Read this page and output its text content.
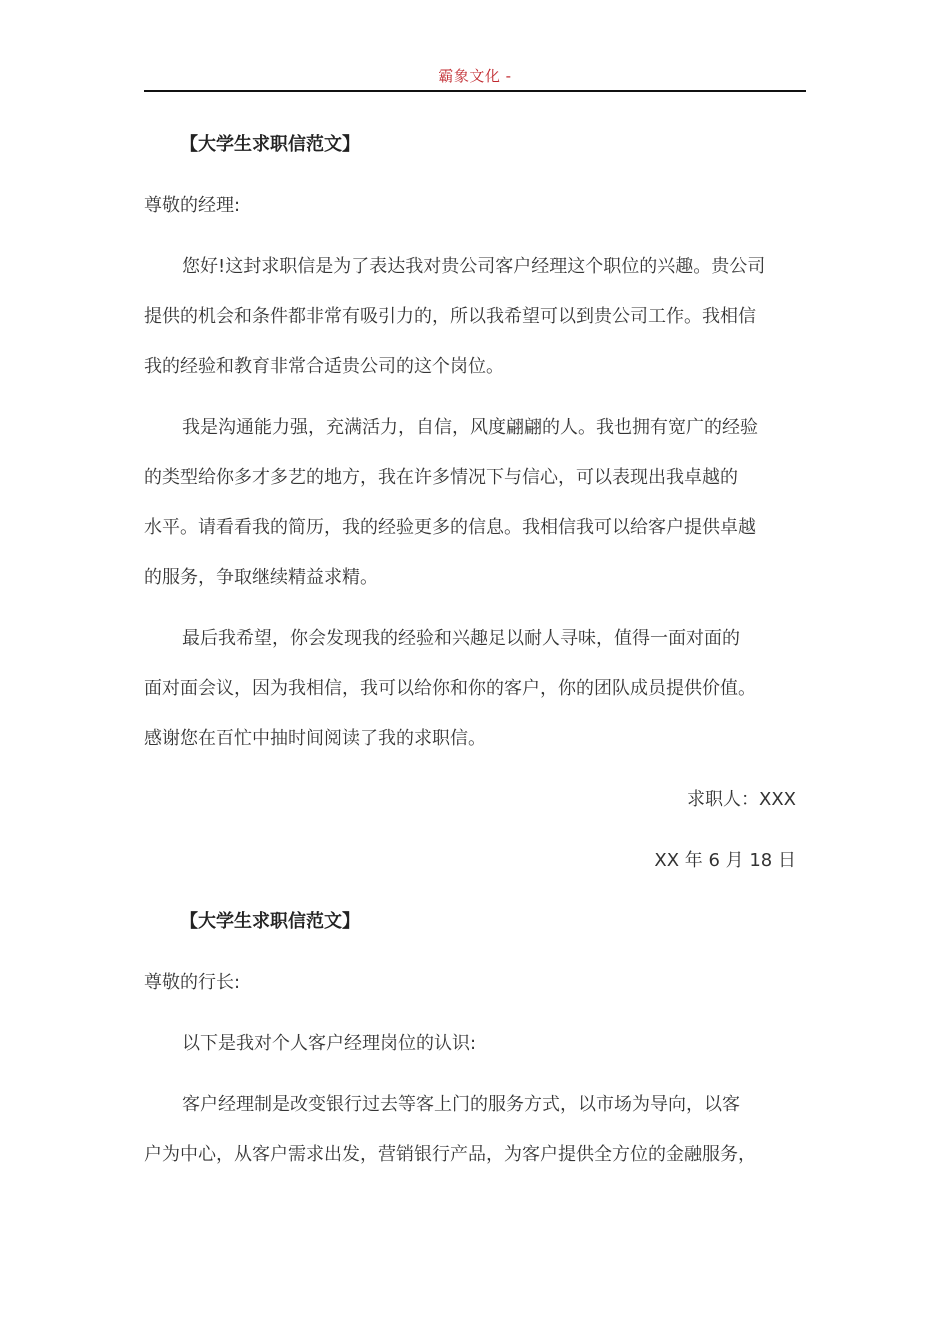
霸象文化 -
【大学生求职信范文】
尊敬的经理:
您好!这封求职信是为了表达我对贵公司客户经理这个职位的兴趣。贵公司
提供的机会和条件都非常有吸引力的，所以我希望可以到贵公司工作。我相信
我的经验和教育非常合适贵公司的这个岗位。
我是沟通能力强，充满活力，自信，风度翩翩的人。我也拥有宽广的经验
的类型给你多才多艺的地方，我在许多情况下与信心，可以表现出我卓越的
水平。请看看我的简历，我的经验更多的信息。我相信我可以给客户提供卓越
的服务，争取继续精益求精。
最后我希望，你会发现我的经验和兴趣足以耐人寻味，值得一面对面的
面对面会议，因为我相信，我可以给你和你的客户，你的团队成员提供价值。
感谢您在百忙中抽时间阅读了我的求职信。
求职人：XXX
XX 年 6 月 18 日
【大学生求职信范文】
尊敬的行长:
以下是我对个人客户经理岗位的认识:
客户经理制是改变银行过去等客上门的服务方式，以市场为导向，以客
户为中心，从客户需求出发，营销银行产品，为客户提供全方位的金融服务，
